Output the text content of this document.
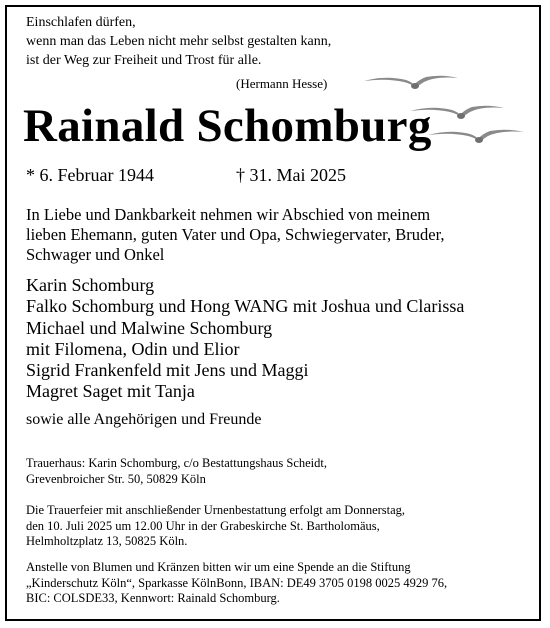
Einschlafen dürfen,
wenn man das Leben nicht mehr selbst gestalten kann,
ist der Weg zur Freiheit und Trost für alle.
(Hermann Hesse)
Rainald Schomburg
* 6. Februar 1944	† 31. Mai 2025
In Liebe und Dankbarkeit nehmen wir Abschied von meinem
lieben Ehemann, guten Vater und Opa, Schwiegervater, Bruder,
Schwager und Onkel
Karin Schomburg
Falko Schomburg und Hong WANG mit Joshua und Clarissa
Michael und Malwine Schomburg
mit Filomena, Odin und Elior
Sigrid Frankenfeld mit Jens und Maggi
Magret Saget mit Tanja
sowie alle Angehörigen und Freunde
Trauerhaus: Karin Schomburg, c/o Bestattungshaus Scheidt,
Grevenbroicher Str. 50, 50829 Köln
Die Trauerfeier mit anschließender Urnenbestattung erfolgt am Donnerstag,
den 10. Juli 2025 um 12.00 Uhr in der Grabeskirche St. Bartholomäus,
Helmholtzplatz 13, 50825 Köln.
Anstelle von Blumen und Kränzen bitten wir um eine Spende an die Stiftung
„Kinderschutz Köln“, Sparkasse KölnBonn, IBAN: DE49 3705 0198 0025 4929 76,
BIC: COLSDE33, Kennwort: Rainald Schomburg.
